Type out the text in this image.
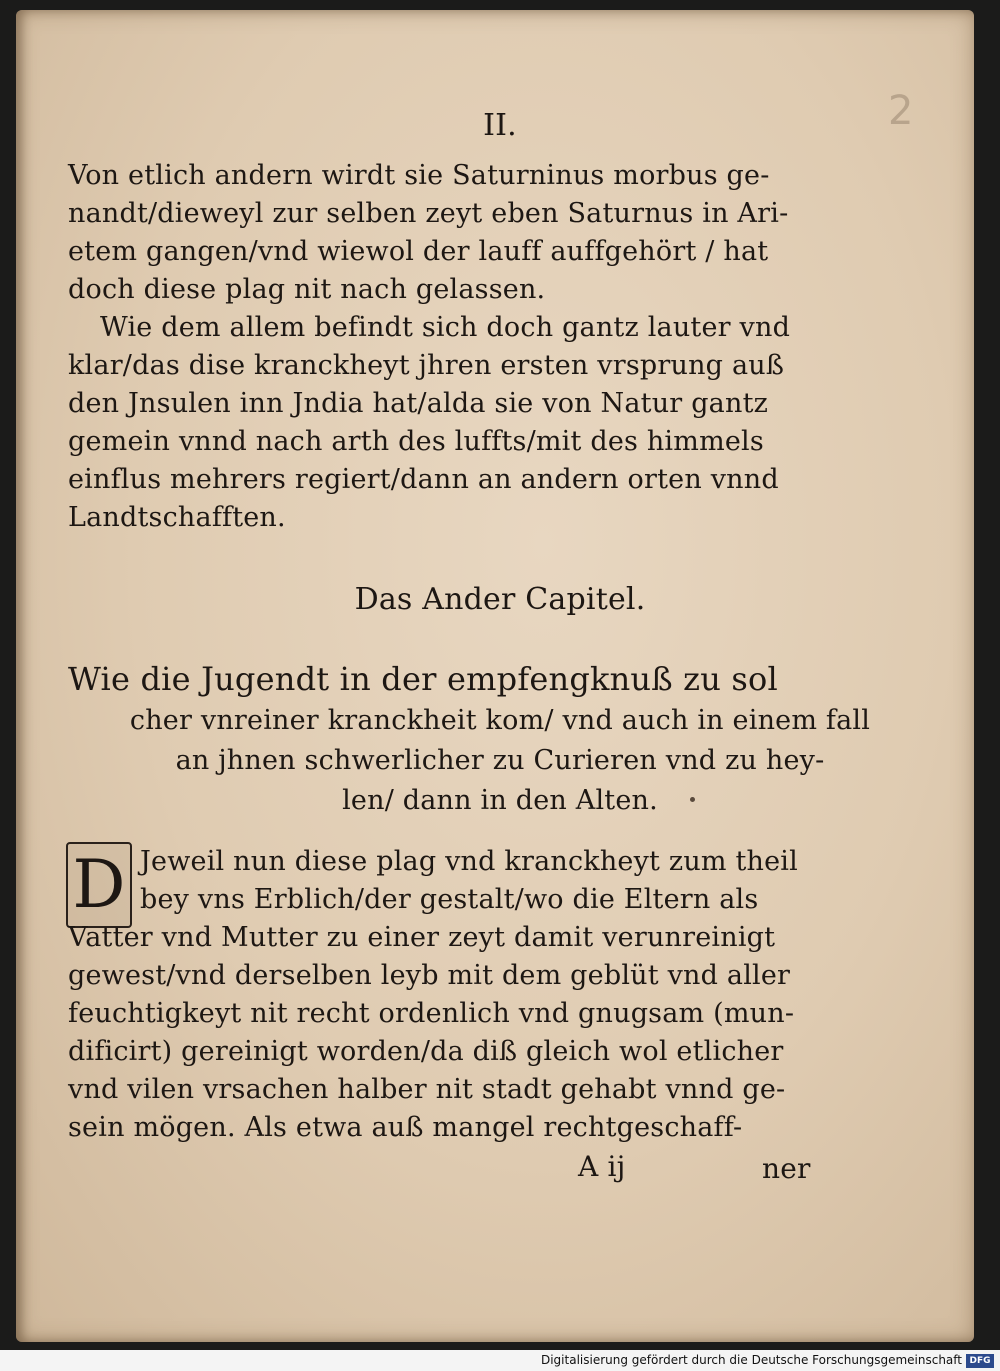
2
II.
Von etlich andern wirdt sie Saturninus morbus ge-
nandt/dieweyl zur selben zeyt eben Saturnus in Ari-
etem gangen/vnd wiewol der lauff auffgehört / hat
doch diese plag nit nach gelassen.
Wie dem allem befindt sich doch gantz lauter vnd
klar/das dise kranckheyt jhren ersten vrsprung auß
den Jnsulen inn Jndia hat/alda sie von Natur gantz
gemein vnnd nach arth des luffts/mit des himmels
einflus mehrers regiert/dann an andern orten vnnd
Landtschafften.
Das Ander Capitel.
Wie die Jugendt in der empfengknuß zu sol
cher vnreiner kranckheit kom/ vnd auch in einem fall
an jhnen schwerlicher zu Curieren vnd zu hey-
len/ dann in den Alten.
D Jeweil nun diese plag vnd kranckheyt zum theil
bey vns Erblich/der gestalt/wo die Eltern als
Vatter vnd Mutter zu einer zeyt damit verunreinigt
gewest/vnd derselben leyb mit dem geblüt vnd aller
feuchtigkeyt nit recht ordenlich vnd gnugsam (mun-
dificirt) gereinigt worden/da diß gleich wol etlicher
vnd vilen vrsachen halber nit stadt gehabt vnnd ge-
sein mögen. Als etwa auß mangel rechtgeschaff-
A ij	ner
Digitalisierung gefördert durch die Deutsche Forschungsgemeinschaft DFG
